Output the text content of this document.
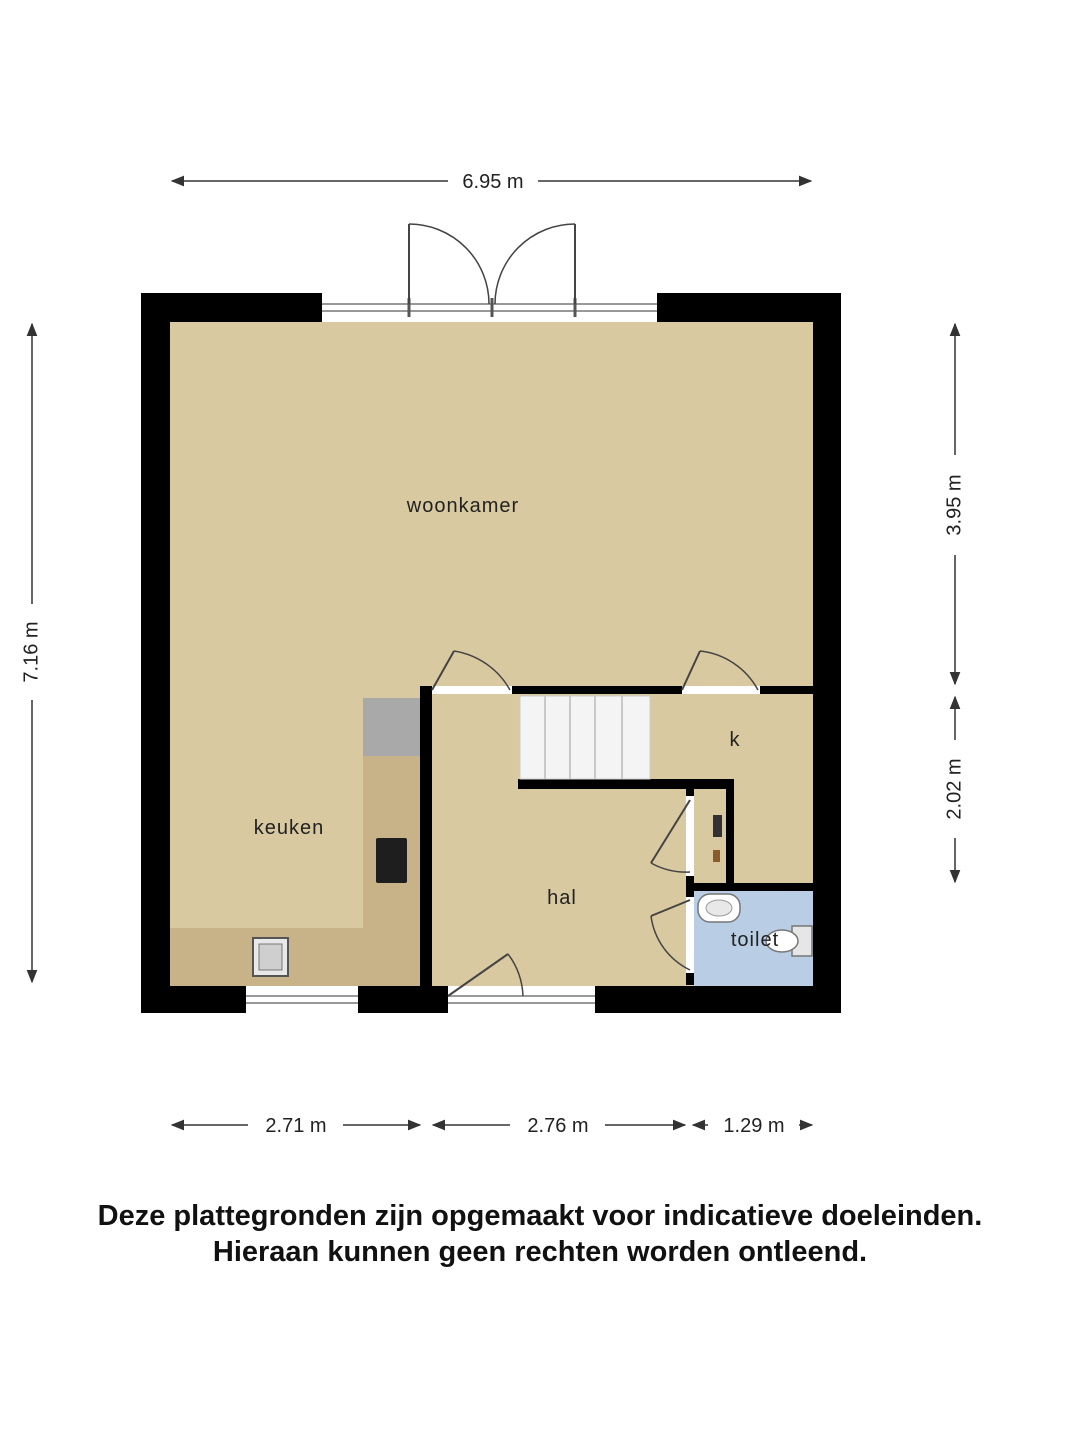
woonkamer
keuken
hal
k
toilet
6.95 m
7.16 m
3.95 m
2.02 m
2.71 m	2.76 m	1.29 m
Deze plattegronden zijn opgemaakt voor indicatieve doeleinden.
Hieraan kunnen geen rechten worden ontleend.
